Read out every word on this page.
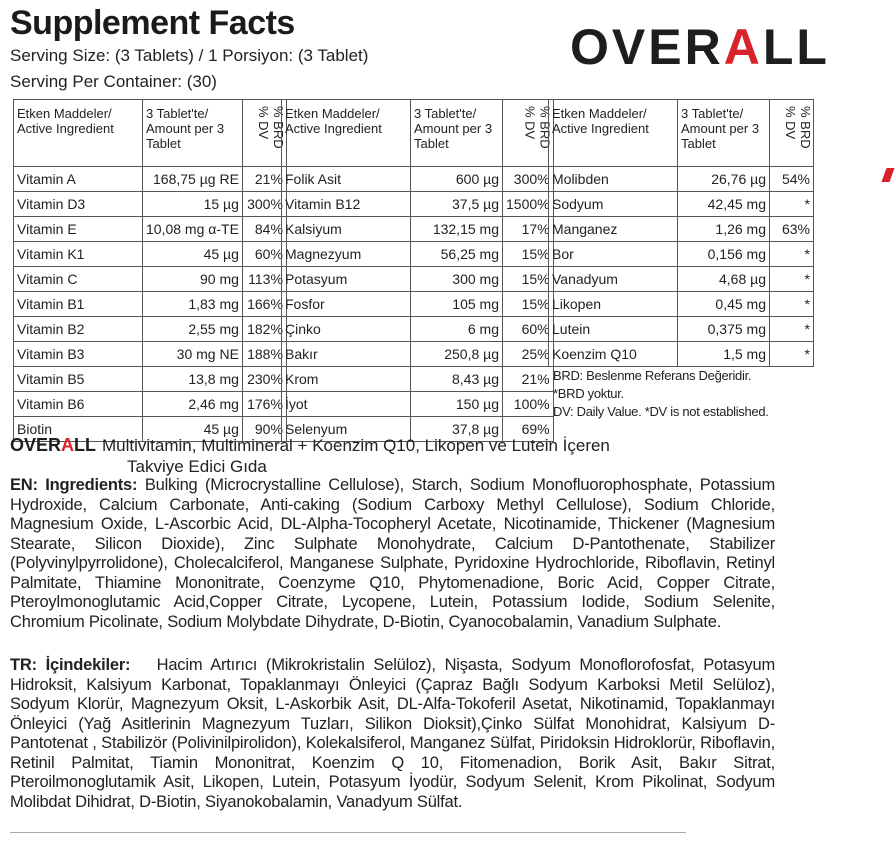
Supplement Facts
Serving Size: (3 Tablets) / 1 Porsiyon: (3 Tablet)
Serving Per Container: (30)
OVERALL
Etken Maddeler/ Active Ingredient	3 Tablet'te/ Amount per 3 Tablet	% BRD % DV
Vitamin A	168,75 µg RE	21%
Vitamin D3	15 µg	300%
Vitamin E	10,08 mg α-TE	84%
Vitamin K1	45 µg	60%
Vitamin C	90 mg	113%
Vitamin B1	1,83 mg	166%
Vitamin B2	2,55 mg	182%
Vitamin B3	30 mg NE	188%
Vitamin B5	13,8 mg	230%
Vitamin B6	2,46 mg	176%
Biotin	45 µg	90%
Etken Maddeler/ Active Ingredient	3 Tablet'te/ Amount per 3 Tablet	% BRD % DV
Folik Asit	600 µg	300%
Vitamin B12	37,5 µg	1500%
Kalsiyum	132,15 mg	17%
Magnezyum	56,25 mg	15%
Potasyum	300 mg	15%
Fosfor	105 mg	15%
Çinko	6 mg	60%
Bakır	250,8 µg	25%
Krom	8,43 µg	21%
İyot	150 µg	100%
Selenyum	37,8 µg	69%
Etken Maddeler/ Active Ingredient	3 Tablet'te/ Amount per 3 Tablet	% BRD % DV
Molibden	26,76 µg	54%
Sodyum	42,45 mg	*
Manganez	1,26 mg	63%
Bor	0,156 mg	*
Vanadyum	4,68 µg	*
Likopen	0,45 mg	*
Lutein	0,375 mg	*
Koenzim Q10	1,5 mg	*
BRD: Beslenme Referans Değeridir.
*BRD yoktur.
DV: Daily Value. *DV is not established.
OVERALL Multivitamin, Multimineral + Koenzim Q10, Likopen ve Lutein İçeren
Takviye Edici Gıda
EN: Ingredients: Bulking (Microcrystalline Cellulose), Starch, Sodium Monofluorophosphate, Potassium Hydroxide, Calcium Carbonate, Anti-caking (Sodium Carboxy Methyl Cellulose), Sodium Chloride, Magnesium Oxide, L-Ascorbic Acid, DL-Alpha-Tocopheryl Acetate, Nicotinamide, Thickener (Magnesium Stearate, Silicon Dioxide), Zinc Sulphate Monohydrate, Calcium D-Pantothenate, Stabilizer (Polyvinylpyrrolidone), Cholecalciferol, Manganese Sulphate, Pyridoxine Hydrochloride, Riboflavin, Retinyl Palmitate, Thiamine Mononitrate, Coenzyme Q10, Phytomenadione, Boric Acid, Copper Citrate, Pteroylmonoglutamic Acid,Copper Citrate, Lycopene, Lutein, Potassium Iodide, Sodium Selenite, Chromium Picolinate, Sodium Molybdate Dihydrate, D-Biotin, Cyanocobalamin, Vanadium Sulphate.
TR: İçindekiler: Hacim Artırıcı (Mikrokristalin Selüloz), Nişasta, Sodyum Monoflorofosfat, Potasyum Hidroksit, Kalsiyum Karbonat, Topaklanmayı Önleyici (Çapraz Bağlı Sodyum Karboksi Metil Selüloz), Sodyum Klorür, Magnezyum Oksit, L-Askorbik Asit, DL-Alfa-Tokoferil Asetat, Nikotinamid, Topaklanmayı Önleyici (Yağ Asitlerinin Magnezyum Tuzları, Silikon Dioksit),Çinko Sülfat Monohidrat, Kalsiyum D-Pantotenat , Stabilizör (Polivinilpirolidon), Kolekalsiferol, Manganez Sülfat, Piridoksin Hidroklorür, Riboflavin, Retinil Palmitat, Tiamin Mononitrat, Koenzim Q 10, Fitomenadion, Borik Asit, Bakır Sitrat, Pteroilmonoglutamik Asit, Likopen, Lutein, Potasyum İyodür, Sodyum Selenit, Krom Pikolinat, Sodyum Molibdat Dihidrat, D-Biotin, Siyanokobalamin, Vanadyum Sülfat.
